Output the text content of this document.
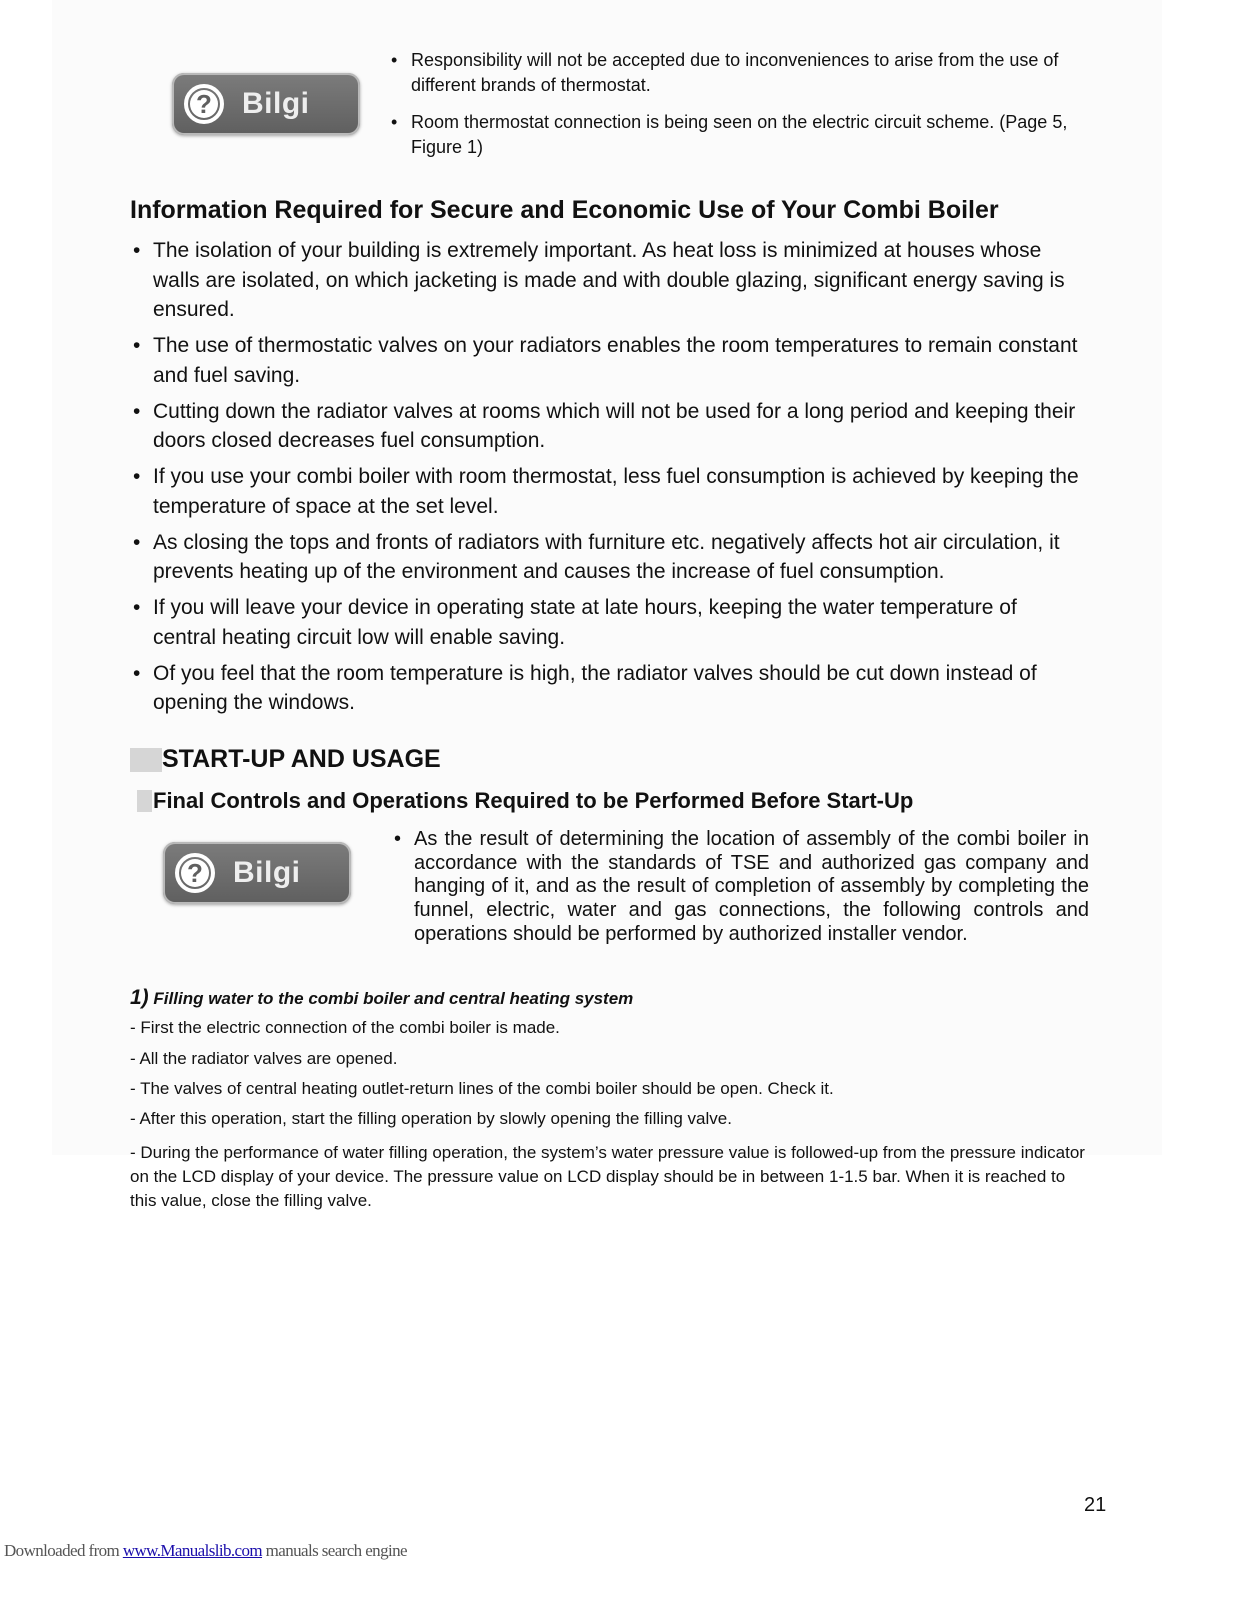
? Bilgi
• Responsibility will not be accepted due to inconveniences to arise from the use of different brands of thermostat.
• Room thermostat connection is being seen on the electric circuit scheme. (Page 5, Figure 1)
Information Required for Secure and Economic Use of Your Combi Boiler
• The isolation of your building is extremely important. As heat loss is minimized at houses whose walls are isolated, on which jacketing is made and with double glazing, significant energy saving is ensured.
• The use of thermostatic valves on your radiators enables the room temperatures to remain constant and fuel saving.
• Cutting down the radiator valves at rooms which will not be used for a long period and keeping their doors closed decreases fuel consumption.
• If you use your combi boiler with room thermostat, less fuel consumption is achieved by keeping the temperature of space at the set level.
• As closing the tops and fronts of radiators with furniture etc. negatively affects hot air circulation, it prevents heating up of the environment and causes the increase of fuel consumption.
• If you will leave your device in operating state at late hours, keeping the water temperature of central heating circuit low will enable saving.
• Of you feel that the room temperature is high, the radiator valves should be cut down instead of opening the windows.
START-UP AND USAGE
Final Controls and Operations Required to be Performed Before Start-Up
? Bilgi
• As the result of determining the location of assembly of the combi boiler in accordance with the standards of TSE and authorized gas company and hanging of it, and as the result of completion of assembly by completing the funnel, electric, water and gas connections, the following controls and operations should be performed by authorized installer vendor.

1) Filling water to the combi boiler and central heating system

- First the electric connection of the combi boiler is made.

- All the radiator valves are opened.

- The valves of central heating outlet-return lines of the combi boiler should be open. Check it.

- After this operation, start the filling operation by slowly opening the filling valve.

- During the performance of water filling operation, the system’s water pressure value is followed-up from the pressure indicator on the LCD display of your device. The pressure value on LCD display should be in between 1-1.5 bar. When it is reached to this value, close the filling valve.

21
Downloaded from www.Manualslib.com manuals search engine
